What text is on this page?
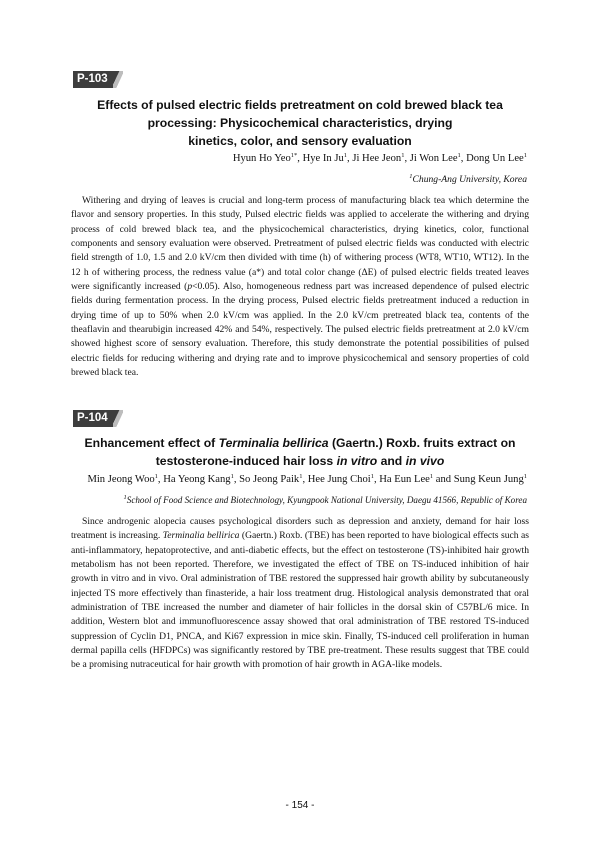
P-103
Effects of pulsed electric fields pretreatment on cold brewed black tea
processing: Physicochemical characteristics, drying
kinetics, color, and sensory evaluation
Hyun Ho Yeo$^{1*}$, Hye In Ju$^1$, Ji Hee Jeon$^1$, Ji Won Lee$^1$, Dong Un Lee$^1$
$^1$Chung-Ang University, Korea
Withering and drying of leaves is crucial and long-term process of manufacturing black tea which determine the flavor and sensory properties. In this study, Pulsed electric fields was applied to accelerate the withering and drying process of cold brewed black tea, and the physicochemical characteristics, drying kinetics, color, functional components and sensory evaluation were observed. Pretreatment of pulsed electric fields was conducted with electric field strength of 1.0, 1.5 and 2.0 kV/cm then divided with time (h) of withering process (WT8, WT10, WT12). In the 12 h of withering process, the redness value (a*) and total color change (ΔE) of pulsed electric fields treated leaves were significantly increased (p<0.05). Also, homogeneous redness part was increased dependence of pulsed electric fields during fermentation process. In the drying process, Pulsed electric fields pretreatment induced a reduction in drying time of up to 50% when 2.0 kV/cm was applied. In the 2.0 kV/cm pretreated black tea, contents of the theaflavin and thearubigin increased 42% and 54%, respectively. The pulsed electric fields pretreatment at 2.0 kV/cm showed highest score of sensory evaluation. Therefore, this study demonstrate the potential possibilities of pulsed electric fields for reducing withering and drying rate and to improve physicochemical and sensory properties of cold brewed black tea.
P-104
Enhancement effect of Terminalia bellirica (Gaertn.) Roxb. fruits extract on
testosterone-induced hair loss in vitro and in vivo
Min Jeong Woo$^1$, Ha Yeong Kang$^1$, So Jeong Paik$^1$, Hee Jung Choi$^1$, Ha Eun Lee$^1$ and Sung Keun Jung$^1$
$^1$School of Food Science and Biotechnology, Kyungpook National University, Daegu 41566, Republic of Korea
Since androgenic alopecia causes psychological disorders such as depression and anxiety, demand for hair loss treatment is increasing. Terminalia bellirica (Gaertn.) Roxb. (TBE) has been reported to have biological effects such as anti-inflammatory, hepatoprotective, and anti-diabetic effects, but the effect on testosterone (TS)-inhibited hair growth metabolism has not been reported. Therefore, we investigated the effect of TBE on TS-induced inhibition of hair growth in vitro and in vivo. Oral administration of TBE restored the suppressed hair growth ability by subcutaneously injected TS more effectively than finasteride, a hair loss treatment drug. Histological analysis demonstrated that oral administration of TBE increased the number and diameter of hair follicles in the dorsal skin of C57BL/6 mice. In addition, Western blot and immunofluorescence assay showed that oral administration of TBE restored TS-induced suppression of Cyclin D1, PNCA, and Ki67 expression in mice skin. Finally, TS-induced cell proliferation in human dermal papilla cells (HFDPCs) was significantly restored by TBE pre-treatment. These results suggest that TBE could be a promising nutraceutical for hair growth with promotion of hair growth in AGA-like models.
- 154 -
